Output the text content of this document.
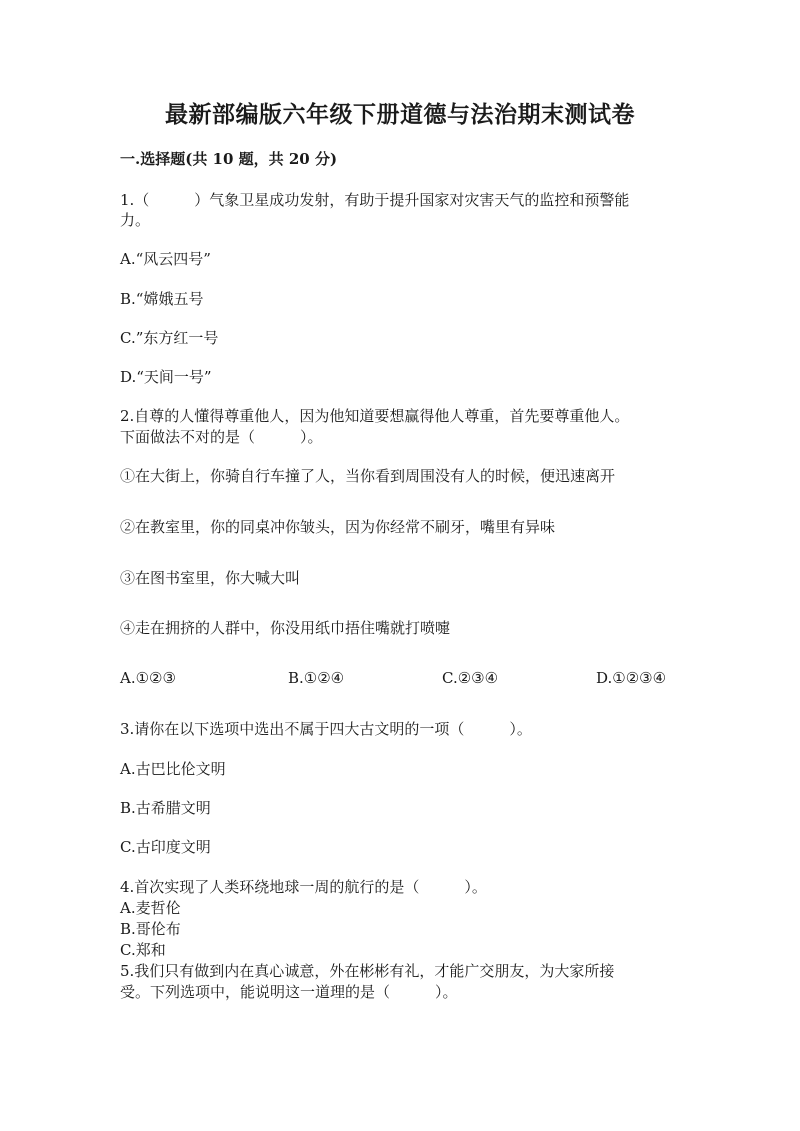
最新部编版六年级下册道德与法治期末测试卷
一.选择题(共 10 题，共 20 分)
1.（　　　）气象卫星成功发射，有助于提升国家对灾害天气的监控和预警能
力。
A.“风云四号”
B.“嫦娥五号
C.”东方红一号
D.“天间一号”
2.自尊的人懂得尊重他人，因为他知道要想赢得他人尊重，首先要尊重他人。
下面做法不对的是（　　　）。
①在大街上，你骑自行车撞了人，当你看到周围没有人的时候，便迅速离开
②在教室里，你的同桌冲你皱头，因为你经常不刷牙，嘴里有异味
③在图书室里，你大喊大叫
④走在拥挤的人群中，你没用纸巾捂住嘴就打喷嚏
A.①②③	B.①②④	C.②③④	D.①②③④
3.请你在以下选项中选出不属于四大古文明的一项（　　　）。
A.古巴比伦文明
B.古希腊文明
C.古印度文明
4.首次实现了人类环绕地球一周的航行的是（　　　）。
A.麦哲伦
B.哥伦布
C.郑和
5.我们只有做到内在真心诚意，外在彬彬有礼，才能广交朋友，为大家所接
受。下列选项中，能说明这一道理的是（　　　）。
